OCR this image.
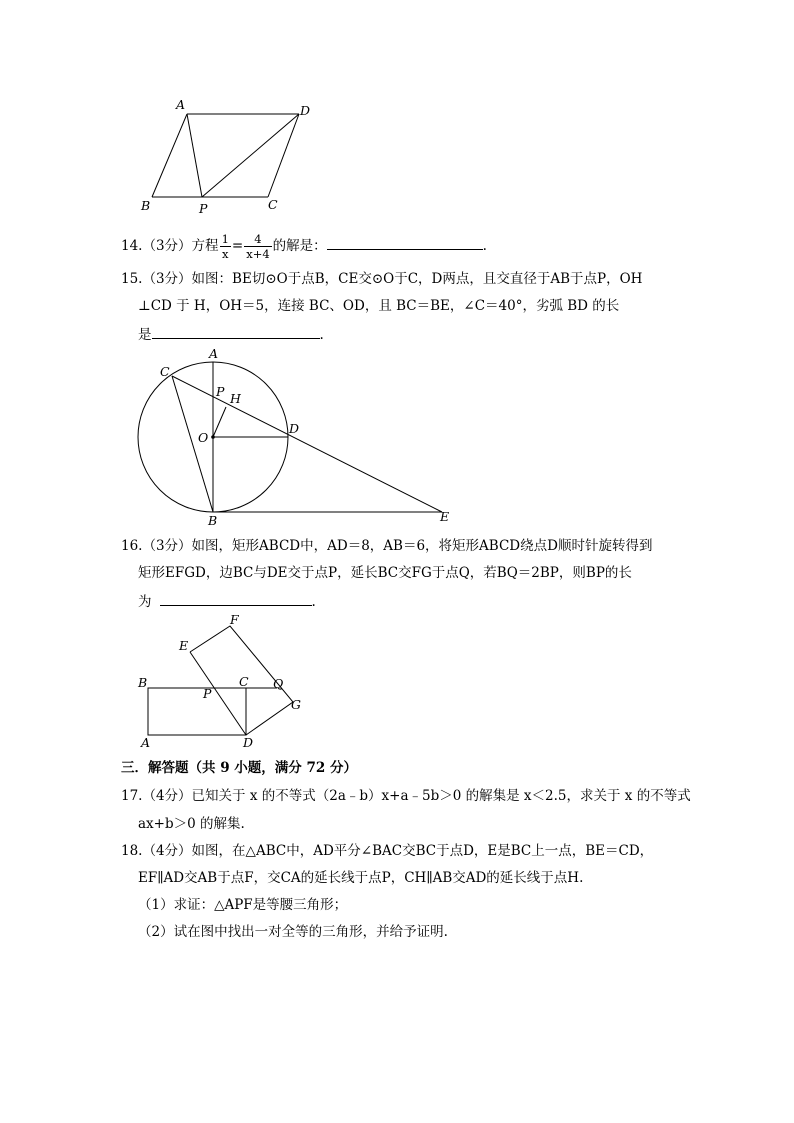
A	D
B	P	C
14.（3分）方程 $\frac{1}{x} = \frac{4}{x+4}$ 的解是：	.
15.（3分）如图：BE切⊙O于点B，CE交⊙O于C，D两点，且交直径于AB于点P，OH
⊥CD 于 H，OH＝5，连接 BC、OD，且 BC＝BE，∠C＝40°，劣弧 BD 的长
是	.
A
C
P H
O
D
B	E
16.（3分）如图，矩形ABCD中，AD＝8，AB＝6，将矩形ABCD绕点D顺时针旋转得到
矩形EFGD，边BC与DE交于点P，延长BC交FG于点Q，若BQ＝2BP，则BP的长
为	.
F
E
B
P
C Q
G
A	D
三．解答题（共 9 小题，满分 72 分）
17.（4分）已知关于 x 的不等式（2a﹣b）x+a﹣5b＞0 的解集是 x＜2.5，求关于 x 的不等式
ax+b＞0 的解集.
18.（4分）如图，在△ABC中，AD平分∠BAC交BC于点D，E是BC上一点，BE＝CD，
EF∥AD交AB于点F，交CA的延长线于点P，CH∥AB交AD的延长线于点H.
（1）求证：△APF是等腰三角形；
（2）试在图中找出一对全等的三角形，并给予证明.
